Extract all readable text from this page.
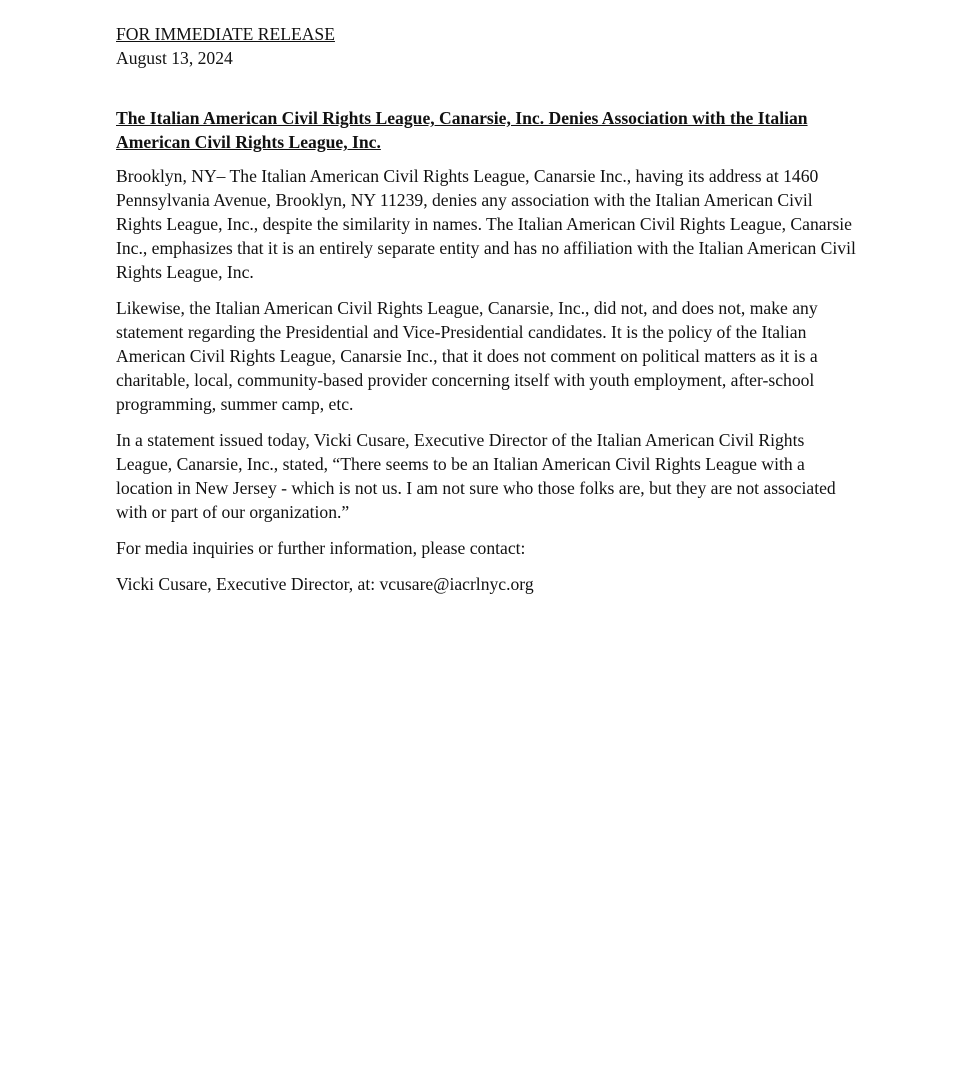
FOR IMMEDIATE RELEASE

August 13, 2024

The Italian American Civil Rights League, Canarsie, Inc. Denies Association with the Italian American Civil Rights League, Inc.

Brooklyn, NY– The Italian American Civil Rights League, Canarsie Inc., having its address at 1460 Pennsylvania Avenue, Brooklyn, NY 11239, denies any association with the Italian American Civil Rights League, Inc., despite the similarity in names. The Italian American Civil Rights League, Canarsie Inc., emphasizes that it is an entirely separate entity and has no affiliation with the Italian American Civil Rights League, Inc.

Likewise, the Italian American Civil Rights League, Canarsie, Inc., did not, and does not, make any statement regarding the Presidential and Vice-Presidential candidates. It is the policy of the Italian American Civil Rights League, Canarsie Inc., that it does not comment on political matters as it is a charitable, local, community-based provider concerning itself with youth employment, after-school programming, summer camp, etc.

In a statement issued today, Vicki Cusare, Executive Director of the Italian American Civil Rights League, Canarsie, Inc., stated, “There seems to be an Italian American Civil Rights League with a location in New Jersey - which is not us. I am not sure who those folks are, but they are not associated with or part of our organization.”

For media inquiries or further information, please contact:

Vicki Cusare, Executive Director, at: vcusare@iacrlnyc.org
